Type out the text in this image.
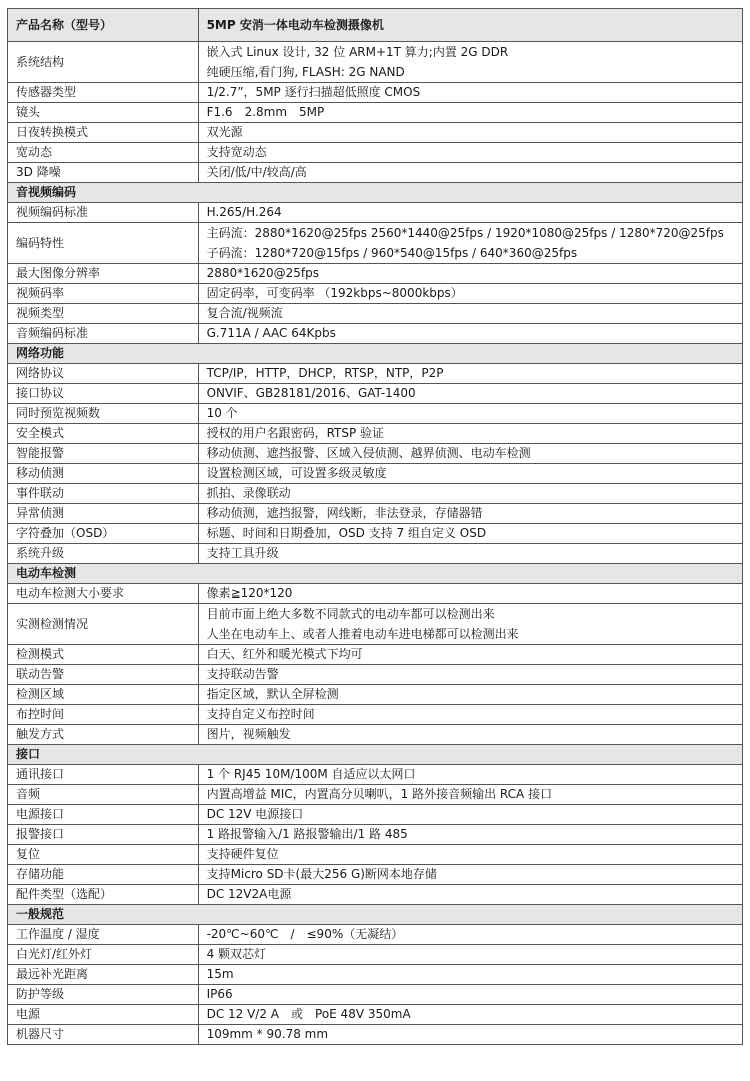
产品名称（型号）	5MP 安消一体电动车检测摄像机
系统结构	嵌入式 Linux 设计, 32 位 ARM+1T 算力;内置 2G DDR
纯硬压缩,看门狗, FLASH: 2G NAND

传感器类型	1/2.7”，5MP 逐行扫描超低照度 CMOS

镜头	F1.6　2.8mm　5MP

日夜转换模式	双光源

宽动态	支持宽动态

3D 降噪	关闭/低/中/较高/高

音视频编码	
视频编码标准	H.265/H.264

编码特性	主码流：2880*1620@25fps 2560*1440@25fps / 1920*1080@25fps / 1280*720@25fps
子码流：1280*720@15fps / 960*540@15fps / 640*360@25fps

最大图像分辨率	2880*1620@25fps

视频码率	固定码率，可变码率 （192kbps~8000kbps）

视频类型	复合流/视频流

音频编码标准	G.711A / AAC 64Kpbs

网络功能	
网络协议	TCP/IP，HTTP，DHCP，RTSP，NTP，P2P

接口协议	ONVIF、GB28181/2016、GAT-1400

同时预览视频数	10 个

安全模式	授权的用户名跟密码，RTSP 验证

智能报警	移动侦测、遮挡报警、区域入侵侦测、越界侦测、电动车检测

移动侦测	设置检测区域，可设置多级灵敏度

事件联动	抓拍、录像联动

异常侦测	移动侦测，遮挡报警，网线断，非法登录，存储器错

字符叠加（OSD）	标题、时间和日期叠加，OSD 支持 7 组自定义 OSD

系统升级	支持工具升级

电动车检测	
电动车检测大小要求	像素≧120*120

实测检测情况	目前市面上绝大多数不同款式的电动车都可以检测出来
人坐在电动车上、或者人推着电动车进电梯都可以检测出来

检测模式	白天、红外和暖光模式下均可

联动告警	支持联动告警

检测区域	指定区域，默认全屏检测

布控时间	支持自定义布控时间

触发方式	图片，视频触发

接口	
通讯接口	1 个 RJ45 10M/100M 自适应以太网口

音频	内置高增益 MIC，内置高分贝喇叭，1 路外接音频输出 RCA 接口

电源接口	DC 12V 电源接口

报警接口	1 路报警输入/1 路报警输出/1 路 485

复位	支持硬件复位

存储功能	支持Micro SD卡(最大256 G)断网本地存储

配件类型（选配）	DC 12V2A电源

一般规范	
工作温度 / 湿度	-20℃~60℃　/　≤90%（无凝结）

白光灯/红外灯	4 颗双芯灯

最远补光距离	15m

防护等级	IP66

电源	DC 12 V/2 A　或　PoE 48V 350mA

机器尺寸	109mm * 90.78 mm
